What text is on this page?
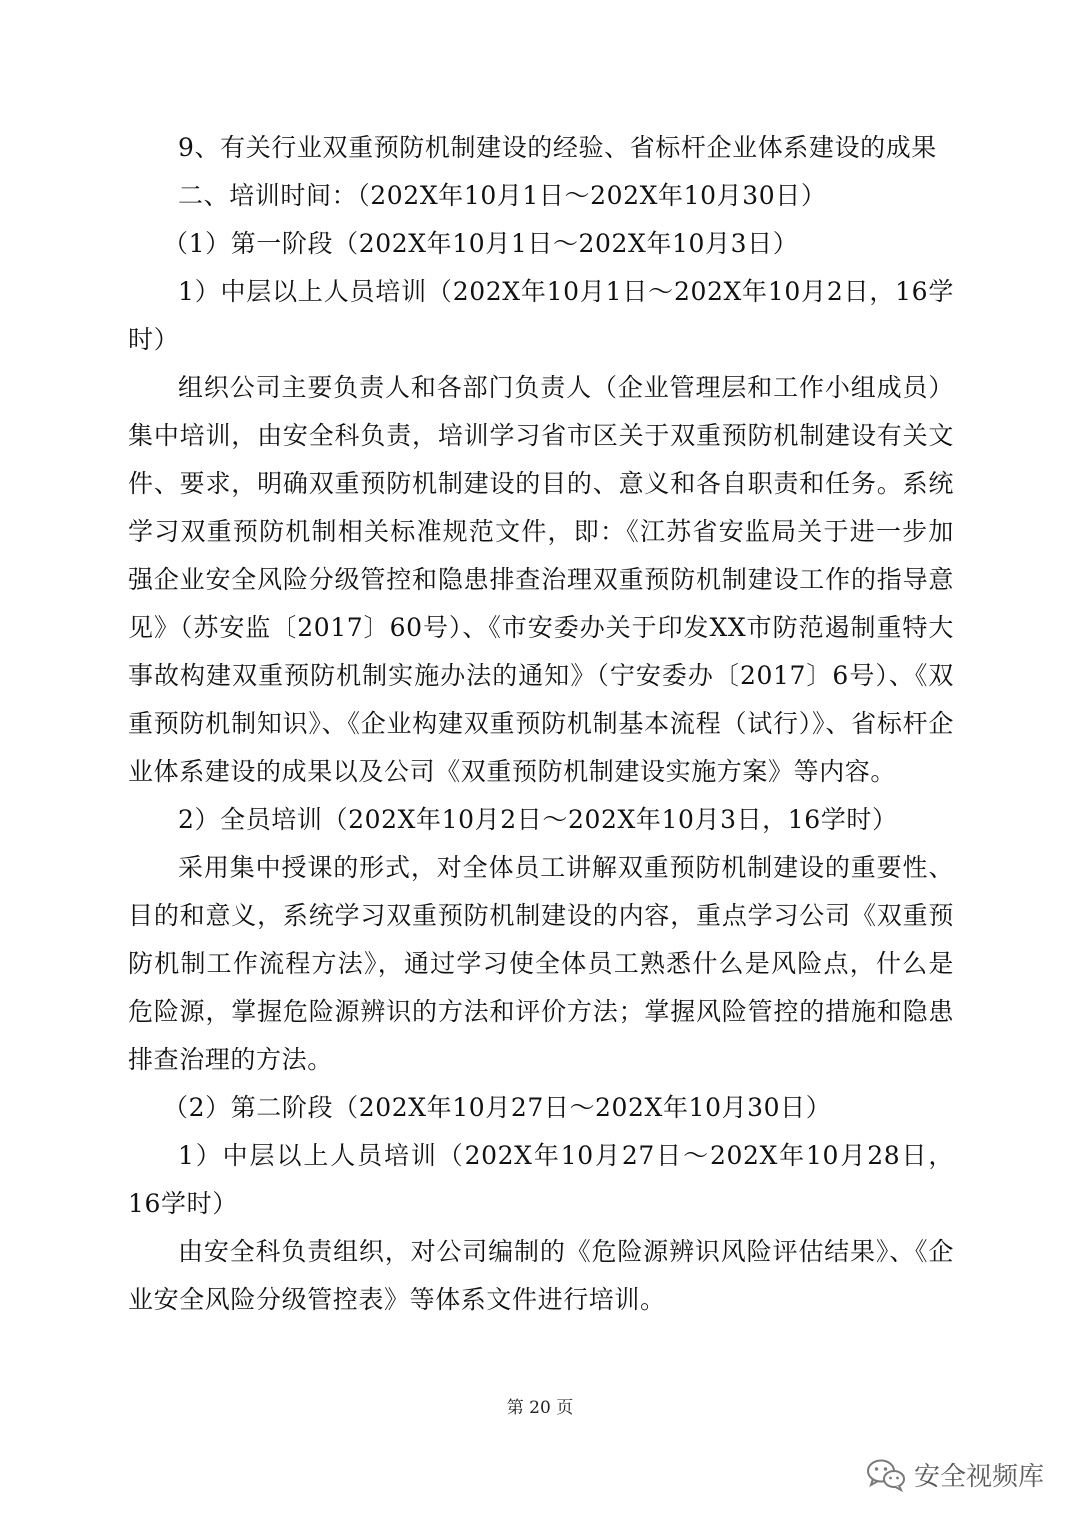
9、有关行业双重预防机制建设的经验、省标杆企业体系建设的成果

二、培训时间：（202X年10月1日～202X年10月30日）

（1）第一阶段（202X年10月1日～202X年10月3日）

1）中层以上人员培训（202X年10月1日～202X年10月2日，16学时）

组织公司主要负责人和各部门负责人（企业管理层和工作小组成员）集中培训，由安全科负责，培训学习省市区关于双重预防机制建设有关文件、要求，明确双重预防机制建设的目的、意义和各自职责和任务。系统学习双重预防机制相关标准规范文件，即：《江苏省安监局关于进一步加强企业安全风险分级管控和隐患排查治理双重预防机制建设工作的指导意见》（苏安监〔2017〕60号）、《市安委办关于印发XX市防范遏制重特大事故构建双重预防机制实施办法的通知》（宁安委办〔2017〕6号）、《双重预防机制知识》、《企业构建双重预防机制基本流程（试行）》、省标杆企业体系建设的成果以及公司《双重预防机制建设实施方案》等内容。

2）全员培训（202X年10月2日～202X年10月3日，16学时）

采用集中授课的形式，对全体员工讲解双重预防机制建设的重要性、目的和意义，系统学习双重预防机制建设的内容，重点学习公司《双重预防机制工作流程方法》，通过学习使全体员工熟悉什么是风险点，什么是危险源，掌握危险源辨识的方法和评价方法；掌握风险管控的措施和隐患排查治理的方法。

（2）第二阶段（202X年10月27日～202X年10月30日）

1）中层以上人员培训（202X年10月27日～202X年10月28日，16学时）

由安全科负责组织，对公司编制的《危险源辨识风险评估结果》、《企业安全风险分级管控表》等体系文件进行培训。

第 20 页
安全视频库
